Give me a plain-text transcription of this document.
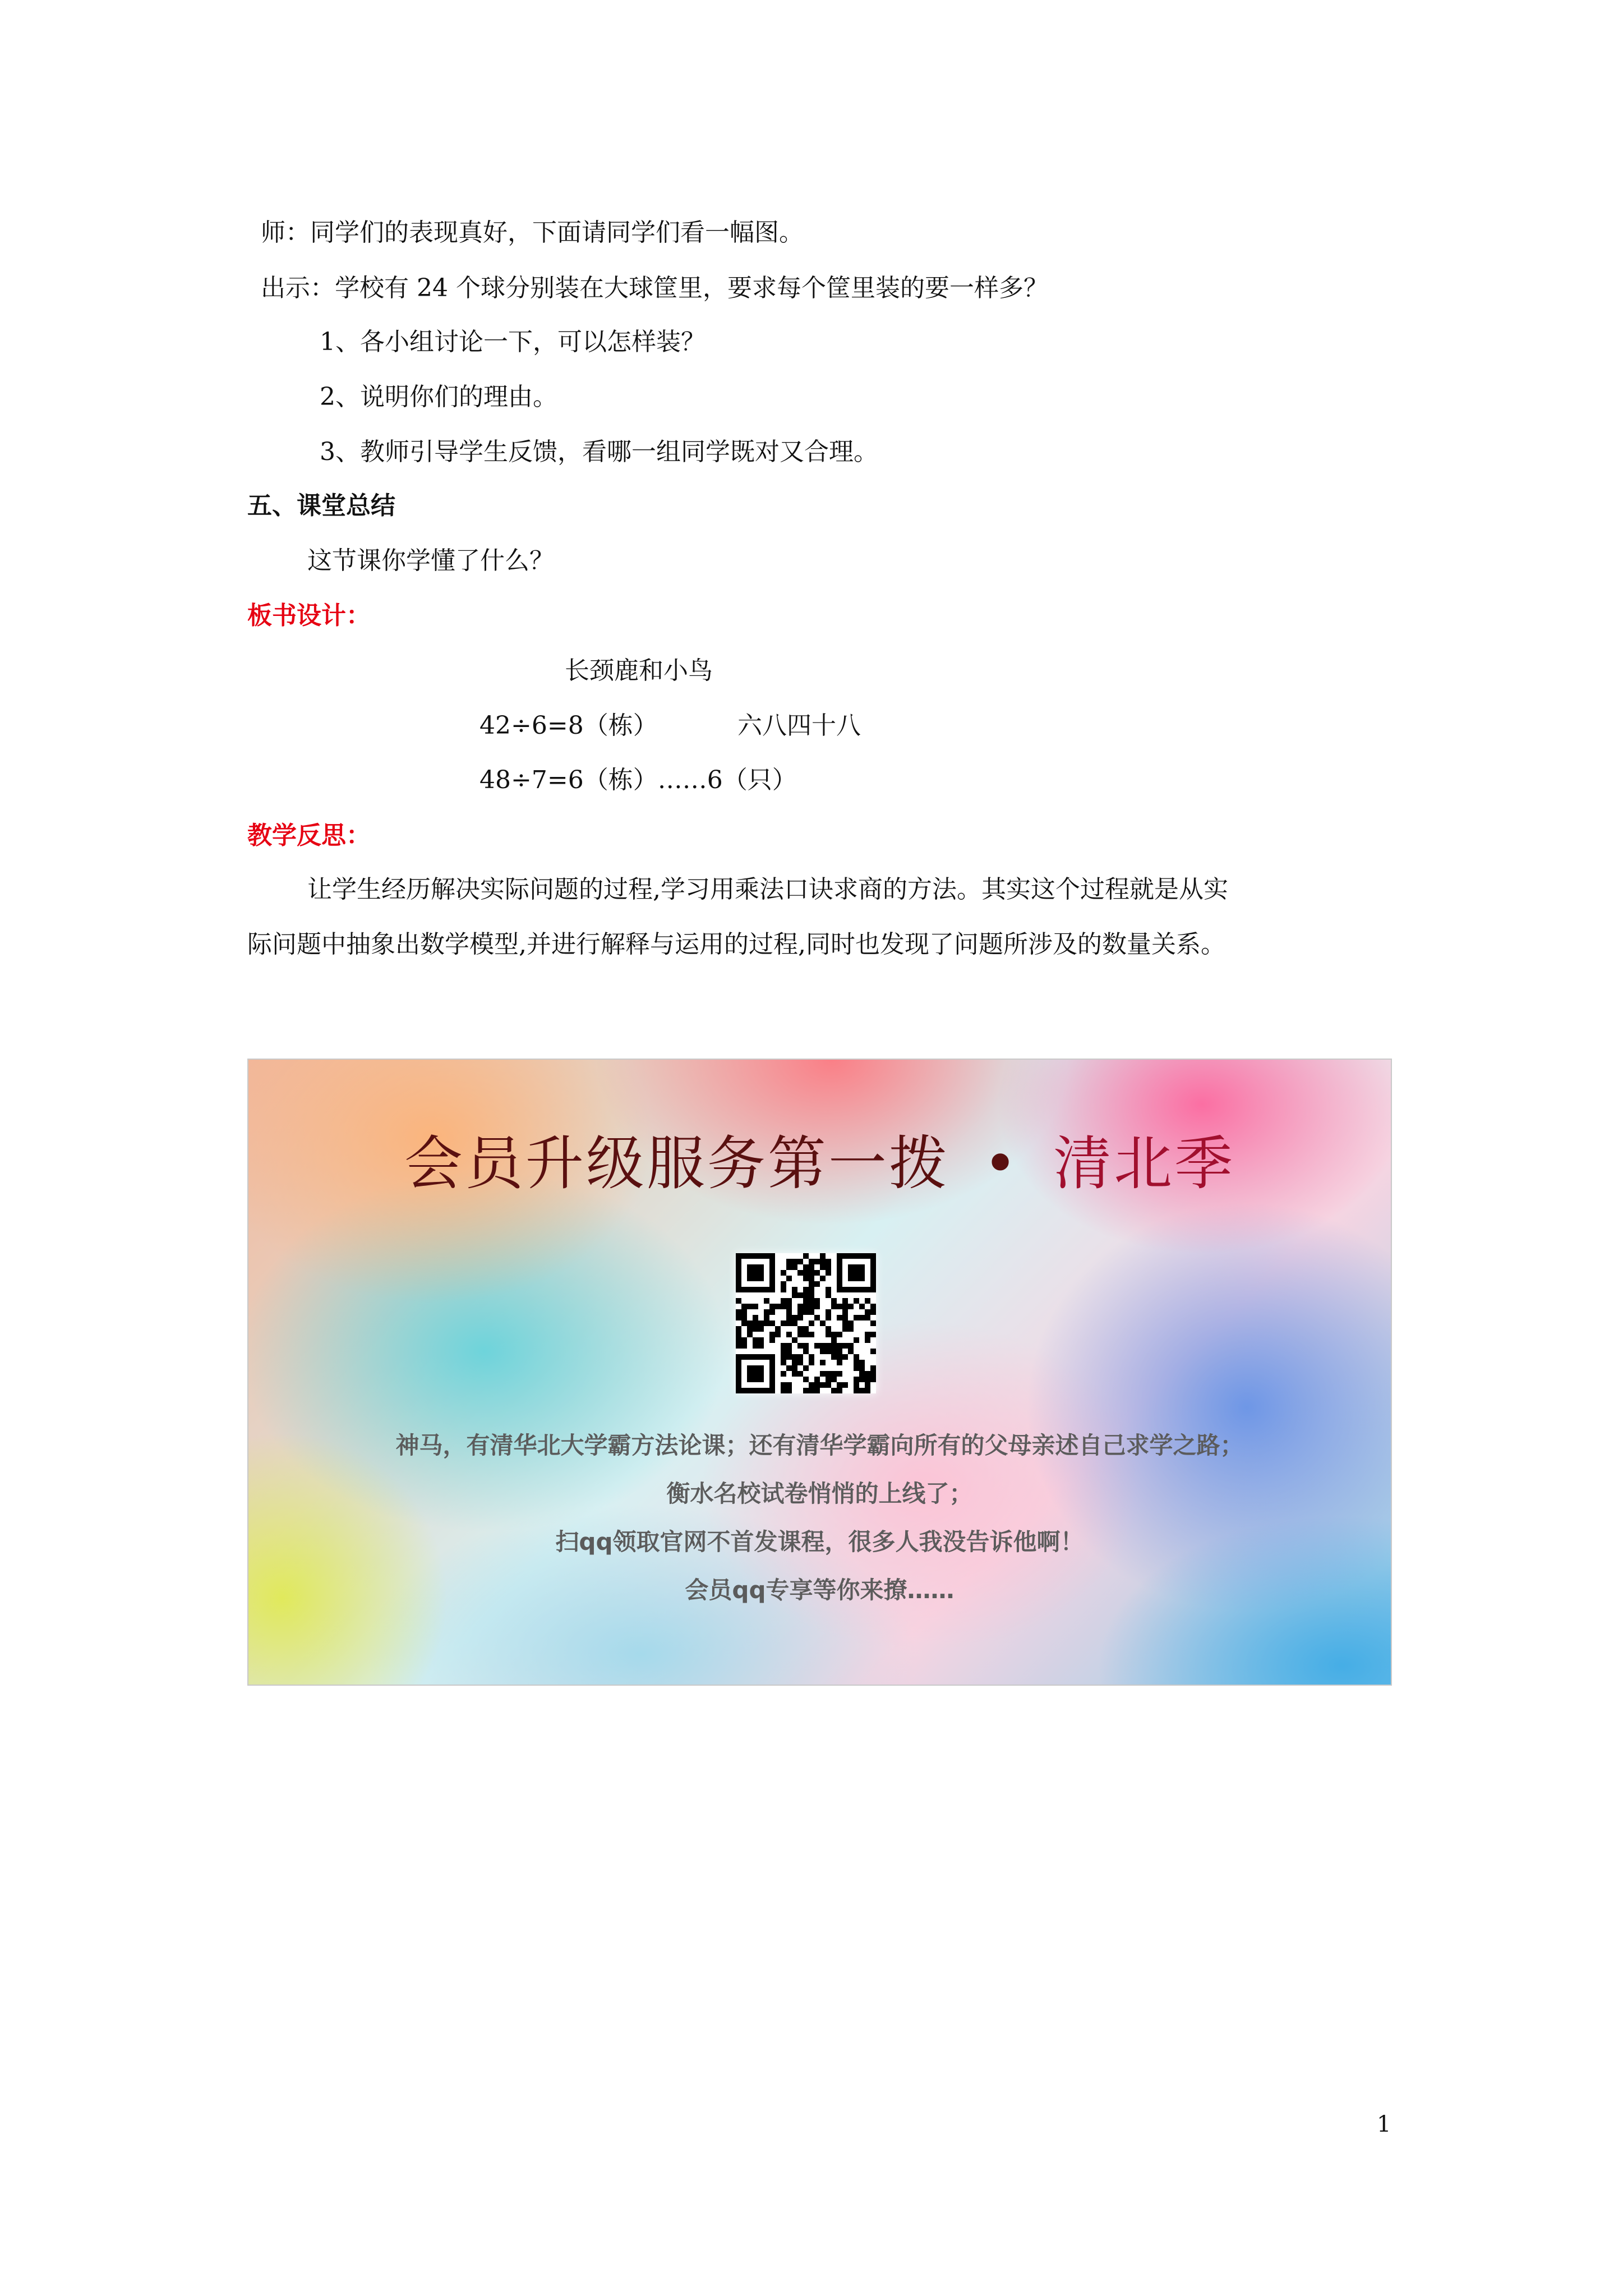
师：同学们的表现真好，下面请同学们看一幅图。
出示：学校有 24 个球分别装在大球筐里，要求每个筐里装的要一样多？
1、各小组讨论一下，可以怎样装？
2、说明你们的理由。
3、教师引导学生反馈，看哪一组同学既对又合理。
五、课堂总结
这节课你学懂了什么？
板书设计：
长颈鹿和小鸟
42÷6=8（栋）	六八四十八
48÷7=6（栋）……6（只）
教学反思：
让学生经历解决实际问题的过程,学习用乘法口诀求商的方法。其实这个过程就是从实
际问题中抽象出数学模型,并进行解释与运用的过程,同时也发现了问题所涉及的数量关系。
会员升级服务第一拨 • 清北季
神马，有清华北大学霸方法论课；还有清华学霸向所有的父母亲述自己求学之路；
衡水名校试卷悄悄的上线了；
扫qq领取官网不首发课程，很多人我没告诉他啊！
会员qq专享等你来撩……
1
